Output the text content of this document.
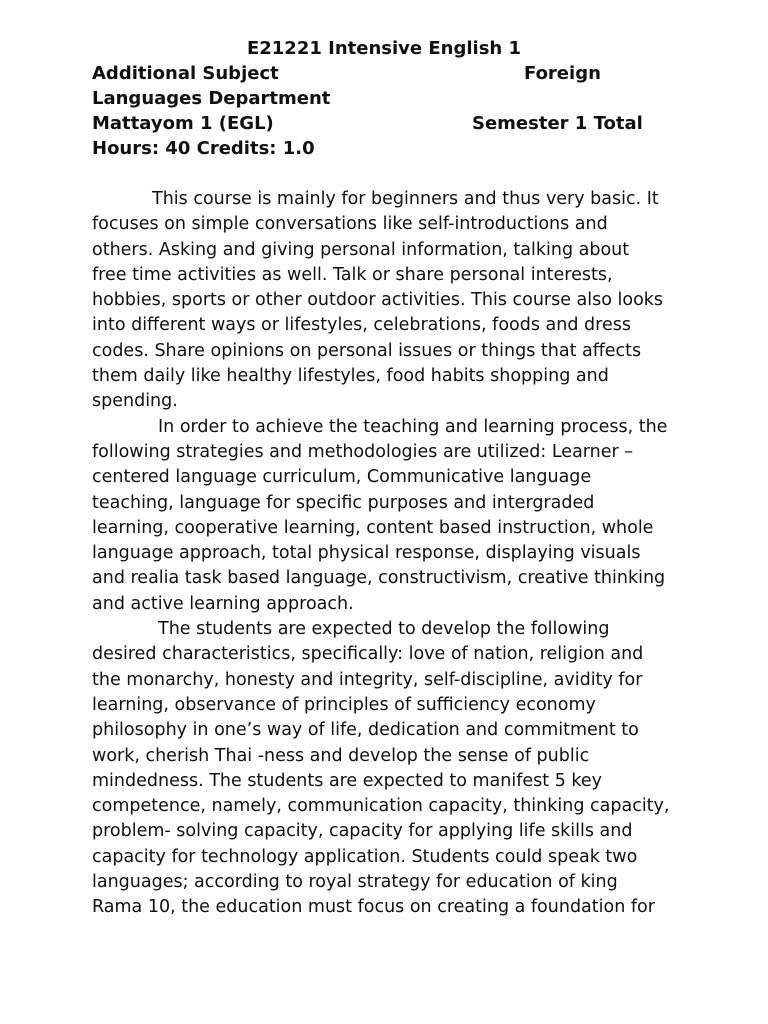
E21221 Intensive English 1
Additional Subject	Foreign
Languages Department
Mattayom 1 (EGL)	Semester 1 Total
Hours: 40 Credits: 1.0
This course is mainly for beginners and thus very basic. It
focuses on simple conversations like self-introductions and
others. Asking and giving personal information, talking about
free time activities as well. Talk or share personal interests,
hobbies, sports or other outdoor activities. This course also looks
into different ways or lifestyles, celebrations, foods and dress
codes. Share opinions on personal issues or things that affects
them daily like healthy lifestyles, food habits shopping and
spending.
In order to achieve the teaching and learning process, the
following strategies and methodologies are utilized: Learner –
centered language curriculum, Communicative language
teaching, language for specific purposes and intergraded
learning, cooperative learning, content based instruction, whole
language approach, total physical response, displaying visuals
and realia task based language, constructivism, creative thinking
and active learning approach.
The students are expected to develop the following
desired characteristics, specifically: love of nation, religion and
the monarchy, honesty and integrity, self-discipline, avidity for
learning, observance of principles of sufficiency economy
philosophy in one’s way of life, dedication and commitment to
work, cherish Thai -ness and develop the sense of public
mindedness. The students are expected to manifest 5 key
competence, namely, communication capacity, thinking capacity,
problem- solving capacity, capacity for applying life skills and
capacity for technology application. Students could speak two
languages; according to royal strategy for education of king
Rama 10, the education must focus on creating a foundation for
